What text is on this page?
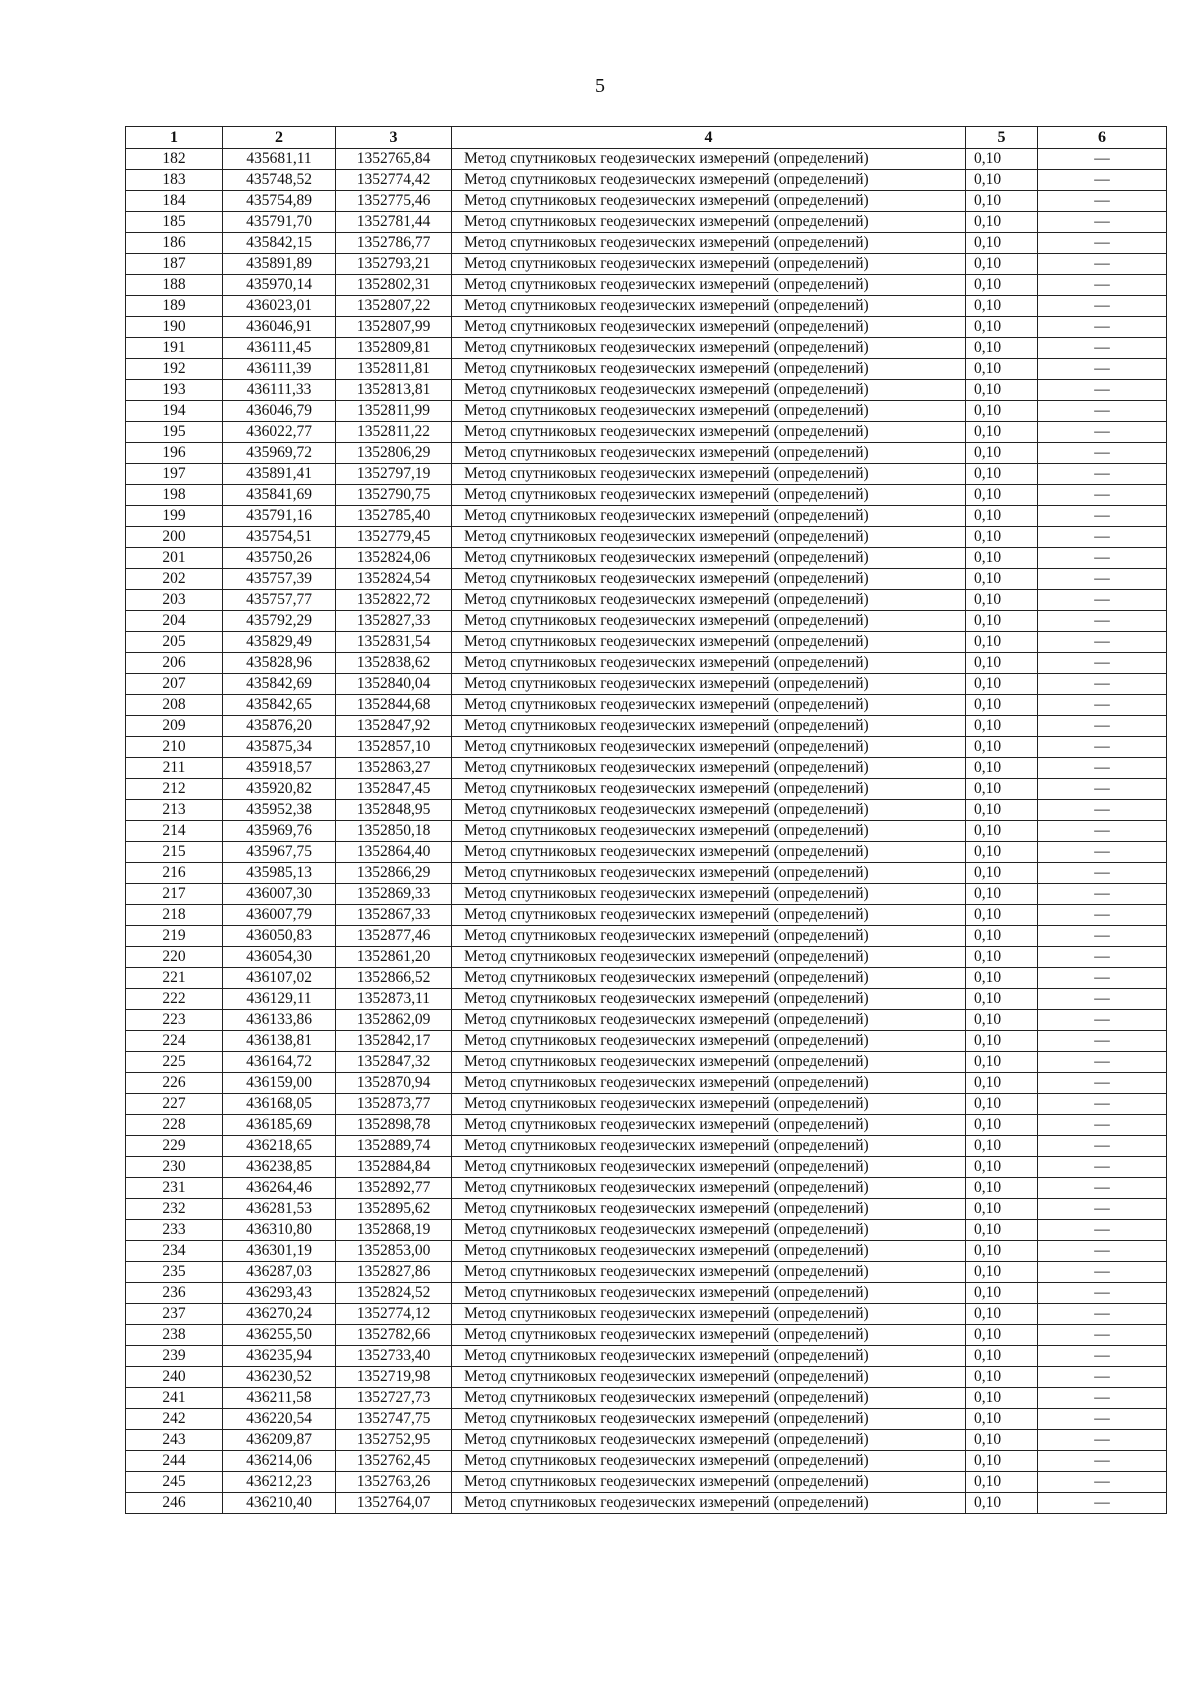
5
1	2	3	4	5	6
182	435681,11	1352765,84	Метод спутниковых геодезических измерений (определений)	0,10	—
183	435748,52	1352774,42	Метод спутниковых геодезических измерений (определений)	0,10	—
184	435754,89	1352775,46	Метод спутниковых геодезических измерений (определений)	0,10	—
185	435791,70	1352781,44	Метод спутниковых геодезических измерений (определений)	0,10	—
186	435842,15	1352786,77	Метод спутниковых геодезических измерений (определений)	0,10	—
187	435891,89	1352793,21	Метод спутниковых геодезических измерений (определений)	0,10	—
188	435970,14	1352802,31	Метод спутниковых геодезических измерений (определений)	0,10	—
189	436023,01	1352807,22	Метод спутниковых геодезических измерений (определений)	0,10	—
190	436046,91	1352807,99	Метод спутниковых геодезических измерений (определений)	0,10	—
191	436111,45	1352809,81	Метод спутниковых геодезических измерений (определений)	0,10	—
192	436111,39	1352811,81	Метод спутниковых геодезических измерений (определений)	0,10	—
193	436111,33	1352813,81	Метод спутниковых геодезических измерений (определений)	0,10	—
194	436046,79	1352811,99	Метод спутниковых геодезических измерений (определений)	0,10	—
195	436022,77	1352811,22	Метод спутниковых геодезических измерений (определений)	0,10	—
196	435969,72	1352806,29	Метод спутниковых геодезических измерений (определений)	0,10	—
197	435891,41	1352797,19	Метод спутниковых геодезических измерений (определений)	0,10	—
198	435841,69	1352790,75	Метод спутниковых геодезических измерений (определений)	0,10	—
199	435791,16	1352785,40	Метод спутниковых геодезических измерений (определений)	0,10	—
200	435754,51	1352779,45	Метод спутниковых геодезических измерений (определений)	0,10	—
201	435750,26	1352824,06	Метод спутниковых геодезических измерений (определений)	0,10	—
202	435757,39	1352824,54	Метод спутниковых геодезических измерений (определений)	0,10	—
203	435757,77	1352822,72	Метод спутниковых геодезических измерений (определений)	0,10	—
204	435792,29	1352827,33	Метод спутниковых геодезических измерений (определений)	0,10	—
205	435829,49	1352831,54	Метод спутниковых геодезических измерений (определений)	0,10	—
206	435828,96	1352838,62	Метод спутниковых геодезических измерений (определений)	0,10	—
207	435842,69	1352840,04	Метод спутниковых геодезических измерений (определений)	0,10	—
208	435842,65	1352844,68	Метод спутниковых геодезических измерений (определений)	0,10	—
209	435876,20	1352847,92	Метод спутниковых геодезических измерений (определений)	0,10	—
210	435875,34	1352857,10	Метод спутниковых геодезических измерений (определений)	0,10	—
211	435918,57	1352863,27	Метод спутниковых геодезических измерений (определений)	0,10	—
212	435920,82	1352847,45	Метод спутниковых геодезических измерений (определений)	0,10	—
213	435952,38	1352848,95	Метод спутниковых геодезических измерений (определений)	0,10	—
214	435969,76	1352850,18	Метод спутниковых геодезических измерений (определений)	0,10	—
215	435967,75	1352864,40	Метод спутниковых геодезических измерений (определений)	0,10	—
216	435985,13	1352866,29	Метод спутниковых геодезических измерений (определений)	0,10	—
217	436007,30	1352869,33	Метод спутниковых геодезических измерений (определений)	0,10	—
218	436007,79	1352867,33	Метод спутниковых геодезических измерений (определений)	0,10	—
219	436050,83	1352877,46	Метод спутниковых геодезических измерений (определений)	0,10	—
220	436054,30	1352861,20	Метод спутниковых геодезических измерений (определений)	0,10	—
221	436107,02	1352866,52	Метод спутниковых геодезических измерений (определений)	0,10	—
222	436129,11	1352873,11	Метод спутниковых геодезических измерений (определений)	0,10	—
223	436133,86	1352862,09	Метод спутниковых геодезических измерений (определений)	0,10	—
224	436138,81	1352842,17	Метод спутниковых геодезических измерений (определений)	0,10	—
225	436164,72	1352847,32	Метод спутниковых геодезических измерений (определений)	0,10	—
226	436159,00	1352870,94	Метод спутниковых геодезических измерений (определений)	0,10	—
227	436168,05	1352873,77	Метод спутниковых геодезических измерений (определений)	0,10	—
228	436185,69	1352898,78	Метод спутниковых геодезических измерений (определений)	0,10	—
229	436218,65	1352889,74	Метод спутниковых геодезических измерений (определений)	0,10	—
230	436238,85	1352884,84	Метод спутниковых геодезических измерений (определений)	0,10	—
231	436264,46	1352892,77	Метод спутниковых геодезических измерений (определений)	0,10	—
232	436281,53	1352895,62	Метод спутниковых геодезических измерений (определений)	0,10	—
233	436310,80	1352868,19	Метод спутниковых геодезических измерений (определений)	0,10	—
234	436301,19	1352853,00	Метод спутниковых геодезических измерений (определений)	0,10	—
235	436287,03	1352827,86	Метод спутниковых геодезических измерений (определений)	0,10	—
236	436293,43	1352824,52	Метод спутниковых геодезических измерений (определений)	0,10	—
237	436270,24	1352774,12	Метод спутниковых геодезических измерений (определений)	0,10	—
238	436255,50	1352782,66	Метод спутниковых геодезических измерений (определений)	0,10	—
239	436235,94	1352733,40	Метод спутниковых геодезических измерений (определений)	0,10	—
240	436230,52	1352719,98	Метод спутниковых геодезических измерений (определений)	0,10	—
241	436211,58	1352727,73	Метод спутниковых геодезических измерений (определений)	0,10	—
242	436220,54	1352747,75	Метод спутниковых геодезических измерений (определений)	0,10	—
243	436209,87	1352752,95	Метод спутниковых геодезических измерений (определений)	0,10	—
244	436214,06	1352762,45	Метод спутниковых геодезических измерений (определений)	0,10	—
245	436212,23	1352763,26	Метод спутниковых геодезических измерений (определений)	0,10	—
246	436210,40	1352764,07	Метод спутниковых геодезических измерений (определений)	0,10	—
